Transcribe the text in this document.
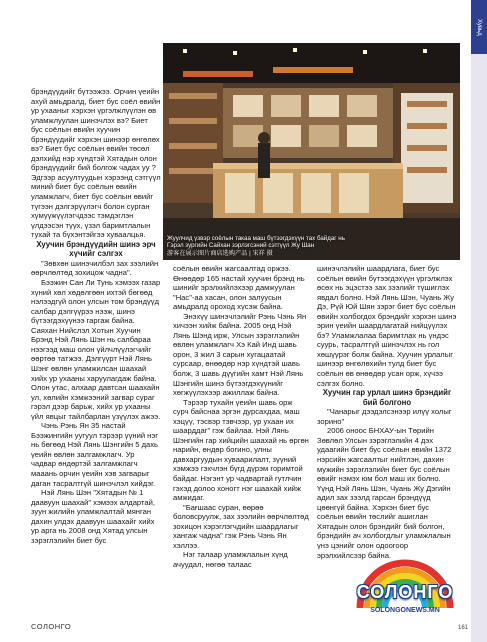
Хувьд
Жуулчид үзвэр соёлын такаа маш бүтээгдэхүүн тах байдаг нь
Гэрэл зургийн Сайхан зэрлэгсэний сэтгүүл Жу Шан
游客在展示图片商店选购产品 | 宋祥 摄

брэндүүдийг бүтээжээ. Орчин үеийн ахуй амьдралд, биет бус соёл өвийн ур ухааныг хэрхэн үргэлжлүүлэн өв уламжлуулан шинэчлэх вэ? Биет бус соёлын өвийн хуучин брэндүүдийг хэрхэн шинээр өнгөлөх вэ? Биет бус соёлын өвийн төсөл дэлхийд нэр хүндтэй Хятадын олон брэндүүдийг бий болгож чадах уу ? Эдгээр асуултуудын хэрээнд сэтгүүл миний биет бус соёлын өвийн уламжлагч, биет бус соёлын өвийг түгээн дэлгэрүүлэгч болон сурган хүмүүжүүлэгчдээс тэмдэглэн үлдээсэн түүх, үзэл баримтлалын тухай та бүхэнтэйгээ хуваалцья.

Хуучин брэндүүдийн шинэ эрч хүчийг сэлгэх

"Зөвхөн шинэчилбэл зах зээлийн өөрчлөлтөд зохицож чадна".

Бээжин Сан Ли Тунь хэмээх газар хүний хөл хөдөлгөөн ихтэй бөгөөд нэлээдгүй олон улсын том брэндүүд салбар дэлгүүрээ нээж, шинэ бүтээгдэхүүнээ гаргаж байна. Саяхан Нийслэл Хотын Хуучин Брэнд Нэй Лянь Шэн нь салбараа нээгээд маш олон үйлчлүүлэгчийг өөртөө татжээ. Дэлгүүрт Нэй Лянь Шэнг өвлөн уламжилсан шаахай хийх ур ухааны харуулагдаж байна. Олон утас, алхаар давтсан шаахайн ул, хөлийн хэмжээний загвар сураг гэрэл дээр барьж, хийх ур ухааны үйл явцыг тайлбарлан үзүүлэх ажээ.

Чэнь Рэнь Ян 35 настай Бээжингийн уугуул тэрээр үүний нэг нь бөгөөд Нэй Лянь Шэнгийн 5 дахь үеийн өвлөн залгамжлагч. Ур чадвар өндөртэй залгамжлагч мааань орчин үеийн хэв загварыг даган тасралтгүй шинэчлэл хийдэг.

Нэй Лянь Шэн "Хятадын № 1 даавуун шаахай" хэмээх алдартай, зуун жилийн уламжлалтай мянган дахин улдэх даавуун шаахайг хийх ур арга нь 2008 онд Хятад улсын зэрэглэлийн биет бус

соёлын өвийн жагсаалтад оржээ. Өнөөдөр 165 настай хуучин брэнд нь шинийг эрэлхийлэхээр дамжуулан "Нас"-аа хасан, олон залуусын амьдралд ороход хүсэж байна.

Энэхүү шинэчлэлийг Рэнь Чэнь Ян хичээн хийж байна. 2005 онд Нэй Лянь Шэнд ирж, Улсын зэрэглэлийн өвлөн уламжлагч Хэ Кай Инд шавь орон, 3 жил 3 сарын хугацаатай сурсаар, өнөөдөр нэр хүндтэй шавь болж, 3 шавь дүүгийн хамт Нэй Лянь Шэнгийн шинэ бүтээгдэхүүнийг хөгжүүлэхээр ажиллаж байна.

Тэрээр тухайн үеийн шавь орж сурч байснаа эргэн дурсахдаа, маш хэцүү, тэсвэр тэвчээр, ур ухаан их шаарддаг" гэж байлаа. Нэй Лянь Шэнгийн гар хийцийн шаахай нь өргөн нарийн, өндөр богино, улны давхаргуудын хуваарилалт, зүүний хэмжээ гэхчлэн бүгд дүрэм горимтой байдаг. Нэгэнт ур чадвартай гутлчин гэхэд долоо хоногт нэг шаахай хийж амжидаг.

"Бағшаас суран, өөрөө боловсруулж, зах зээлийн өөрчлөлтөд зохицон хэрэглэгчдийн шаардлагыг хангаж чадна" гэж Рэнь Чэнь Ян хэллээ.

Нэг талаар уламжлалын хүнд ачуудал, нөгөө талаас

шинэчлэлийн шаардлага, биет бус соёлын өвийн бүтээгдэхүүн үргэлжлэх өсөх нь эцэстээ зах зээлийг түшиглэх явдал болно. Нэй Лянь Шэн, Чуань Жу Дэ, Рүй Юй Шян зэрэг биет бус соёлын өвийн холбогдох брэндийг хэрхэн шинэ эрин үеийн шаардлагатай нийцүүлэх бэ? Уламжлалаа баримтлах нь үндэс суурь, тасралтгүй шинэчлэх нь гол хөшүүрэг болж байна. Хуучин урлалыг шинээр өнгөлөхийн тулд биет бус соёлын өв өнөөдөр усан орж, хүчээ сэлгэх болно.

Хуучин гар урлал шинэ брэндийг бий болгоно

"Чанарыг дээдэлсэнээр илүү холыг зорино"

2006 оноос БНХАУ-ын Төрийн Зөвлөл Улсын зэрэглэлийн 4 дэх удаагийн биет бус соёлын өвийн 1372 нэрсийн жагсаалтыг нийтлэн, дахин мужийн зэрэглэлийн биет бус соёлын өвийг нэмэх юм бол маш их болно. Үүнд Нэй Лянь Шэн, Чуань Жу Дэгийн адил зах зээлд гарсан брэндүүд цөөнгүй байна. Хэрхэн биет бус соёлын өвийн төслийг ашиглан Хятадын олон брэндийг бий болгон, брэндийн ач холбогдлыг уламжлалын үнэ цэнийг олон одоогоор эрэлхийлсээр байна.

СОЛОНГО	161
СОЛОНГО
SOLONGONEWS.MN
